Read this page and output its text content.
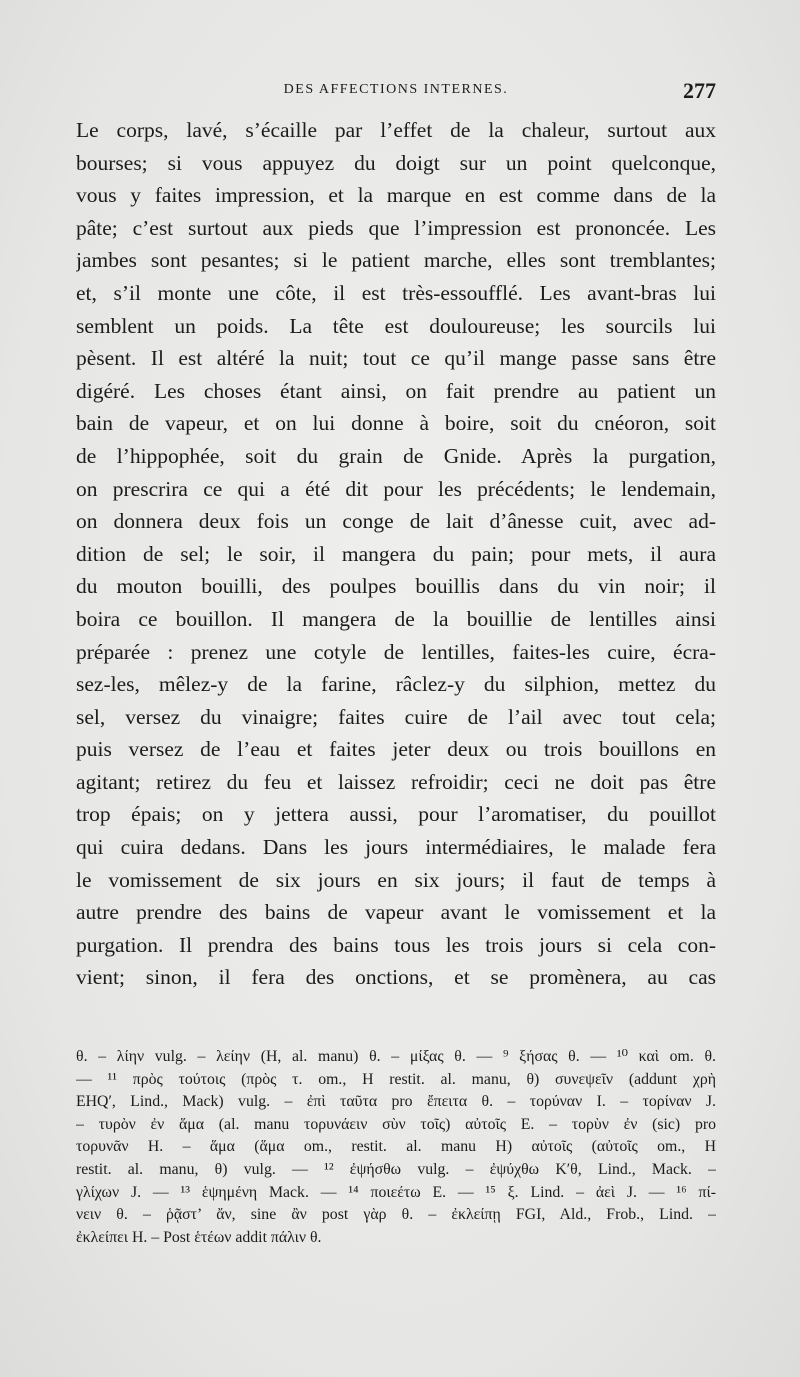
DES AFFECTIONS INTERNES.	277
Le corps, lavé, s’écaille par l’effet de la chaleur, surtout aux
bourses; si vous appuyez du doigt sur un point quelconque,
vous y faites impression, et la marque en est comme dans de la
pâte; c’est surtout aux pieds que l’impression est prononcée. Les
jambes sont pesantes; si le patient marche, elles sont tremblantes;
et, s’il monte une côte, il est très-essoufflé. Les avant-bras lui
semblent un poids. La tête est douloureuse; les sourcils lui
pèsent. Il est altéré la nuit; tout ce qu’il mange passe sans être
digéré. Les choses étant ainsi, on fait prendre au patient un
bain de vapeur, et on lui donne à boire, soit du cnéoron, soit
de l’hippophée, soit du grain de Gnide. Après la purgation,
on prescrira ce qui a été dit pour les précédents; le lendemain,
on donnera deux fois un conge de lait d’ânesse cuit, avec ad-
dition de sel; le soir, il mangera du pain; pour mets, il aura
du mouton bouilli, des poulpes bouillis dans du vin noir; il
boira ce bouillon. Il mangera de la bouillie de lentilles ainsi
préparée : prenez une cotyle de lentilles, faites-les cuire, écra-
sez-les, mêlez-y de la farine, râclez-y du silphion, mettez du
sel, versez du vinaigre; faites cuire de l’ail avec tout cela;
puis versez de l’eau et faites jeter deux ou trois bouillons en
agitant; retirez du feu et laissez refroidir; ceci ne doit pas être
trop épais; on y jettera aussi, pour l’aromatiser, du pouillot
qui cuira dedans. Dans les jours intermédiaires, le malade fera
le vomissement de six jours en six jours; il faut de temps à
autre prendre des bains de vapeur avant le vomissement et la
purgation. Il prendra des bains tous les trois jours si cela con-
vient; sinon, il fera des onctions, et se promènera, au cas
θ. – λίην vulg. – λείην (H, al. manu) θ. – μίξας θ. — ⁹ ξήσας θ. — ¹⁰ καὶ om. θ.
— ¹¹ πρὸς τούτοις (πρὸς τ. om., H restit. al. manu, θ) συνεψεῖν (addunt χρὴ
EHQ′, Lind., Mack) vulg. – ἐπὶ ταῦτα pro ἔπειτα θ. – τορύναν I. – τορίναν J.
– τυρὸν ἐν ἅμα (al. manu τορυνάειν σὺν τοῖς) αὐτοῖς E. – τορὺν ἐν (sic) pro
τορυνᾶν H. – ἅμα (ἅμα om., restit. al. manu H) αὐτοῖς (αὐτοῖς om., H
restit. al. manu, θ) vulg. — ¹² ἐψήσθω vulg. – ἐψύχθω K′θ, Lind., Mack. –
γλίχων J. — ¹³ ἑψημένη Mack. — ¹⁴ ποιεέτω E. — ¹⁵ ξ. Lind. – ἀεὶ J. — ¹⁶ πί-
νειν θ. – ῥᾷστ’ ἄν, sine ἂν post γὰρ θ. – ἐκλείπῃ FGI, Ald., Frob., Lind. –
ἐκλείπει H. – Post ἑτέων addit πάλιν θ.
